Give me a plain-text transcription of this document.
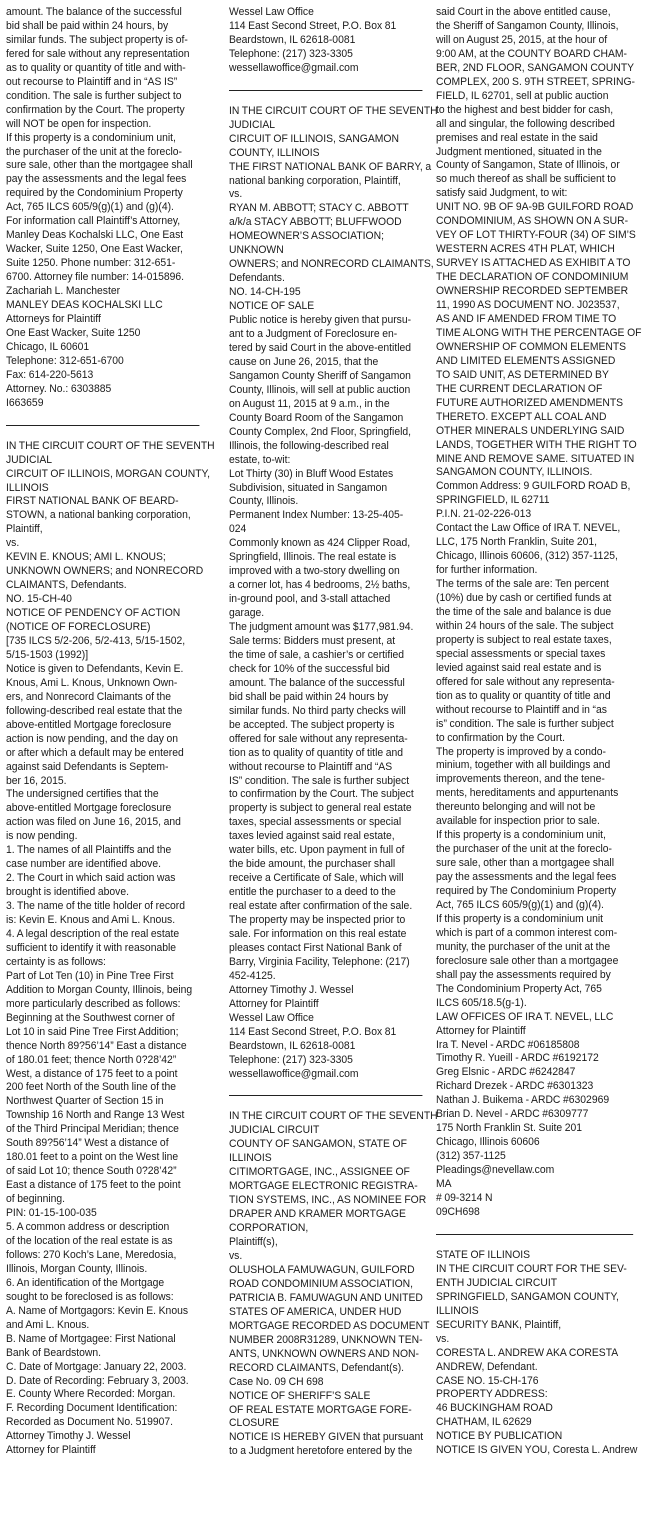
amount. The balance of the successful
bid shall be paid within 24 hours, by
similar funds. The subject property is of-
fered for sale without any representation
as to quality or quantity of title and with-
out recourse to Plaintiff and in “AS IS”
condition. The sale is further subject to
confirmation by the Court. The property
will NOT be open for inspection.
If this property is a condominium unit,
the purchaser of the unit at the foreclo-
sure sale, other than the mortgagee shall
pay the assessments and the legal fees
required by the Condominium Property
Act, 765 ILCS 605/9(g)(1) and (g)(4).
For information call Plaintiff’s Attorney,
Manley Deas Kochalski LLC, One East
Wacker, Suite 1250, One East Wacker,
Suite 1250. Phone number: 312-651-
6700. Attorney file number: 14-015896.
Zachariah L. Manchester
MANLEY DEAS KOCHALSKI LLC
Attorneys for Plaintiff
One East Wacker, Suite 1250
Chicago, IL 60601
Telephone: 312-651-6700
Fax: 614-220-5613
Attorney. No.: 6303885
I663659
IN THE CIRCUIT COURT OF THE SEVENTH
JUDICIAL
CIRCUIT OF ILLINOIS, MORGAN COUNTY,
ILLINOIS
FIRST NATIONAL BANK OF BEARD-
STOWN, a national banking corporation,
Plaintiff,
vs.
KEVIN E. KNOUS; AMI L. KNOUS;
UNKNOWN OWNERS; and NONRECORD
CLAIMANTS, Defendants.
NO. 15-CH-40
NOTICE OF PENDENCY OF ACTION
(NOTICE OF FORECLOSURE)
[735 ILCS 5/2-206, 5/2-413, 5/15-1502,
5/15-1503 (1992)]
Notice is given to Defendants, Kevin E.
Knous, Ami L. Knous, Unknown Own-
ers, and Nonrecord Claimants of the
following-described real estate that the
above-entitled Mortgage foreclosure
action is now pending, and the day on
or after which a default may be entered
against said Defendants is Septem-
ber 16, 2015.
The undersigned certifies that the
above-entitled Mortgage foreclosure
action was filed on June 16, 2015, and
is now pending.
1. The names of all Plaintiffs and the
case number are identified above.
2. The Court in which said action was
brought is identified above.
3. The name of the title holder of record
is: Kevin E. Knous and Ami L. Knous.
4. A legal description of the real estate
sufficient to identify it with reasonable
certainty is as follows:
Part of Lot Ten (10) in Pine Tree First
Addition to Morgan County, Illinois, being
more particularly described as follows:
Beginning at the Southwest corner of
Lot 10 in said Pine Tree First Addition;
thence North 89?56’14” East a distance
of 180.01 feet; thence North 0?28’42”
West, a distance of 175 feet to a point
200 feet North of the South line of the
Northwest Quarter of Section 15 in
Township 16 North and Range 13 West
of the Third Principal Meridian; thence
South 89?56’14” West a distance of
180.01 feet to a point on the West line
of said Lot 10; thence South 0?28’42”
East a distance of 175 feet to the point
of beginning.
PIN: 01-15-100-035
5. A common address or description
of the location of the real estate is as
follows: 270 Koch’s Lane, Meredosia,
Illinois, Morgan County, Illinois.
6. An identification of the Mortgage
sought to be foreclosed is as follows:
A. Name of Mortgagors: Kevin E. Knous
and Ami L. Knous.
B. Name of Mortgagee: First National
Bank of Beardstown.
C. Date of Mortgage: January 22, 2003.
D. Date of Recording: February 3, 2003.
E. County Where Recorded: Morgan.
F. Recording Document Identification:
Recorded as Document No. 519907.
Attorney Timothy J. Wessel
Attorney for Plaintiff
Wessel Law Office
114 East Second Street, P.O. Box 81
Beardstown, IL 62618-0081
Telephone: (217) 323-3305
wessellawoffice@gmail.com
IN THE CIRCUIT COURT OF THE SEVENTH
JUDICIAL
CIRCUIT OF ILLINOIS, SANGAMON
COUNTY, ILLINOIS
THE FIRST NATIONAL BANK OF BARRY, a
national banking corporation, Plaintiff,
vs.
RYAN M. ABBOTT; STACY C. ABBOTT
a/k/a STACY ABBOTT; BLUFFWOOD
HOMEOWNER’S ASSOCIATION;
UNKNOWN
OWNERS; and NONRECORD CLAIMANTS,
Defendants.
NO. 14-CH-195
NOTICE OF SALE
Public notice is hereby given that pursu-
ant to a Judgment of Foreclosure en-
tered by said Court in the above-entitled
cause on June 26, 2015, that the
Sangamon County Sheriff of Sangamon
County, Illinois, will sell at public auction
on August 11, 2015 at 9 a.m., in the
County Board Room of the Sangamon
County Complex, 2nd Floor, Springfield,
Illinois, the following-described real
estate, to-wit:
Lot Thirty (30) in Bluff Wood Estates
Subdivision, situated in Sangamon
County, Illinois.
Permanent Index Number: 13-25-405-
024
Commonly known as 424 Clipper Road,
Springfield, Illinois. The real estate is
improved with a two-story dwelling on
a corner lot, has 4 bedrooms, 2½ baths,
in-ground pool, and 3-stall attached
garage.
The judgment amount was $177,981.94.
Sale terms: Bidders must present, at
the time of sale, a cashier’s or certified
check for 10% of the successful bid
amount. The balance of the successful
bid shall be paid within 24 hours by
similar funds. No third party checks will
be accepted. The subject property is
offered for sale without any representa-
tion as to quality of quantity of title and
without recourse to Plaintiff and “AS
IS” condition. The sale is further subject
to confirmation by the Court. The subject
property is subject to general real estate
taxes, special assessments or special
taxes levied against said real estate,
water bills, etc. Upon payment in full of
the bide amount, the purchaser shall
receive a Certificate of Sale, which will
entitle the purchaser to a deed to the
real estate after confirmation of the sale.
The property may be inspected prior to
sale. For information on this real estate
pleases contact First National Bank of
Barry, Virginia Facility, Telephone: (217)
452-4125.
Attorney Timothy J. Wessel
Attorney for Plaintiff
Wessel Law Office
114 East Second Street, P.O. Box 81
Beardstown, IL 62618-0081
Telephone: (217) 323-3305
wessellawoffice@gmail.com
IN THE CIRCUIT COURT OF THE SEVENTH
JUDICIAL CIRCUIT
COUNTY OF SANGAMON, STATE OF
ILLINOIS
CITIMORTGAGE, INC., ASSIGNEE OF
MORTGAGE ELECTRONIC REGISTRA-
TION SYSTEMS, INC., AS NOMINEE FOR
DRAPER AND KRAMER MORTGAGE
CORPORATION,
Plaintiff(s),
vs.
OLUSHOLA FAMUWAGUN, GUILFORD
ROAD CONDOMINIUM ASSOCIATION,
PATRICIA B. FAMUWAGUN AND UNITED
STATES OF AMERICA, UNDER HUD
MORTGAGE RECORDED AS DOCUMENT
NUMBER 2008R31289, UNKNOWN TEN-
ANTS, UNKNOWN OWNERS AND NON-
RECORD CLAIMANTS, Defendant(s).
Case No. 09 CH 698
NOTICE OF SHERIFF’S SALE
OF REAL ESTATE MORTGAGE FORE-
CLOSURE
NOTICE IS HEREBY GIVEN that pursuant
to a Judgment heretofore entered by the
said Court in the above entitled cause,
the Sheriff of Sangamon County, Illinois,
will on August 25, 2015, at the hour of
9:00 AM, at the COUNTY BOARD CHAM-
BER, 2ND FLOOR, SANGAMON COUNTY
COMPLEX, 200 S. 9TH STREET, SPRING-
FIELD, IL 62701, sell at public auction
to the highest and best bidder for cash,
all and singular, the following described
premises and real estate in the said
Judgment mentioned, situated in the
County of Sangamon, State of Illinois, or
so much thereof as shall be sufficient to
satisfy said Judgment, to wit:
UNIT NO. 9B OF 9A-9B GUILFORD ROAD
CONDOMINIUM, AS SHOWN ON A SUR-
VEY OF LOT THIRTY-FOUR (34) OF SIM’S
WESTERN ACRES 4TH PLAT, WHICH
SURVEY IS ATTACHED AS EXHIBIT A TO
THE DECLARATION OF CONDOMINIUM
OWNERSHIP RECORDED SEPTEMBER
11, 1990 AS DOCUMENT NO. J023537,
AS AND IF AMENDED FROM TIME TO
TIME ALONG WITH THE PERCENTAGE OF
OWNERSHIP OF COMMON ELEMENTS
AND LIMITED ELEMENTS ASSIGNED
TO SAID UNIT, AS DETERMINED BY
THE CURRENT DECLARATION OF
FUTURE AUTHORIZED AMENDMENTS
THERETO. EXCEPT ALL COAL AND
OTHER MINERALS UNDERLYING SAID
LANDS, TOGETHER WITH THE RIGHT TO
MINE AND REMOVE SAME. SITUATED IN
SANGAMON COUNTY, ILLINOIS.
Common Address: 9 GUILFORD ROAD B,
SPRINGFIELD, IL 62711
P.I.N. 21-02-226-013
Contact the Law Office of IRA T. NEVEL,
LLC, 175 North Franklin, Suite 201,
Chicago, Illinois 60606, (312) 357-1125,
for further information.
The terms of the sale are: Ten percent
(10%) due by cash or certified funds at
the time of the sale and balance is due
within 24 hours of the sale. The subject
property is subject to real estate taxes,
special assessments or special taxes
levied against said real estate and is
offered for sale without any representa-
tion as to quality or quantity of title and
without recourse to Plaintiff and in “as
is” condition. The sale is further subject
to confirmation by the Court.
The property is improved by a condo-
minium, together with all buildings and
improvements thereon, and the tene-
ments, hereditaments and appurtenants
thereunto belonging and will not be
available for inspection prior to sale.
If this property is a condominium unit,
the purchaser of the unit at the foreclo-
sure sale, other than a mortgagee shall
pay the assessments and the legal fees
required by The Condominium Property
Act, 765 ILCS 605/9(g)(1) and (g)(4).
If this property is a condominium unit
which is part of a common interest com-
munity, the purchaser of the unit at the
foreclosure sale other than a mortgagee
shall pay the assessments required by
The Condominium Property Act, 765
ILCS 605/18.5(g-1).
LAW OFFICES OF IRA T. NEVEL, LLC
Attorney for Plaintiff
Ira T. Nevel - ARDC #06185808
Timothy R. Yueill - ARDC #6192172
Greg Elsnic - ARDC #6242847
Richard Drezek - ARDC #6301323
Nathan J. Buikema - ARDC #6302969
Brian D. Nevel - ARDC #6309777
175 North Franklin St. Suite 201
Chicago, Illinois 60606
(312) 357-1125
Pleadings@nevellaw.com
MA
# 09-3214 N
09CH698
STATE OF ILLINOIS
IN THE CIRCUIT COURT FOR THE SEV-
ENTH JUDICIAL CIRCUIT
SPRINGFIELD, SANGAMON COUNTY,
ILLINOIS
SECURITY BANK, Plaintiff,
vs.
CORESTA L. ANDREW AKA CORESTA
ANDREW, Defendant.
CASE NO. 15-CH-176
PROPERTY ADDRESS:
46 BUCKINGHAM ROAD
CHATHAM, IL 62629
NOTICE BY PUBLICATION
NOTICE IS GIVEN YOU, Coresta L. Andrew
